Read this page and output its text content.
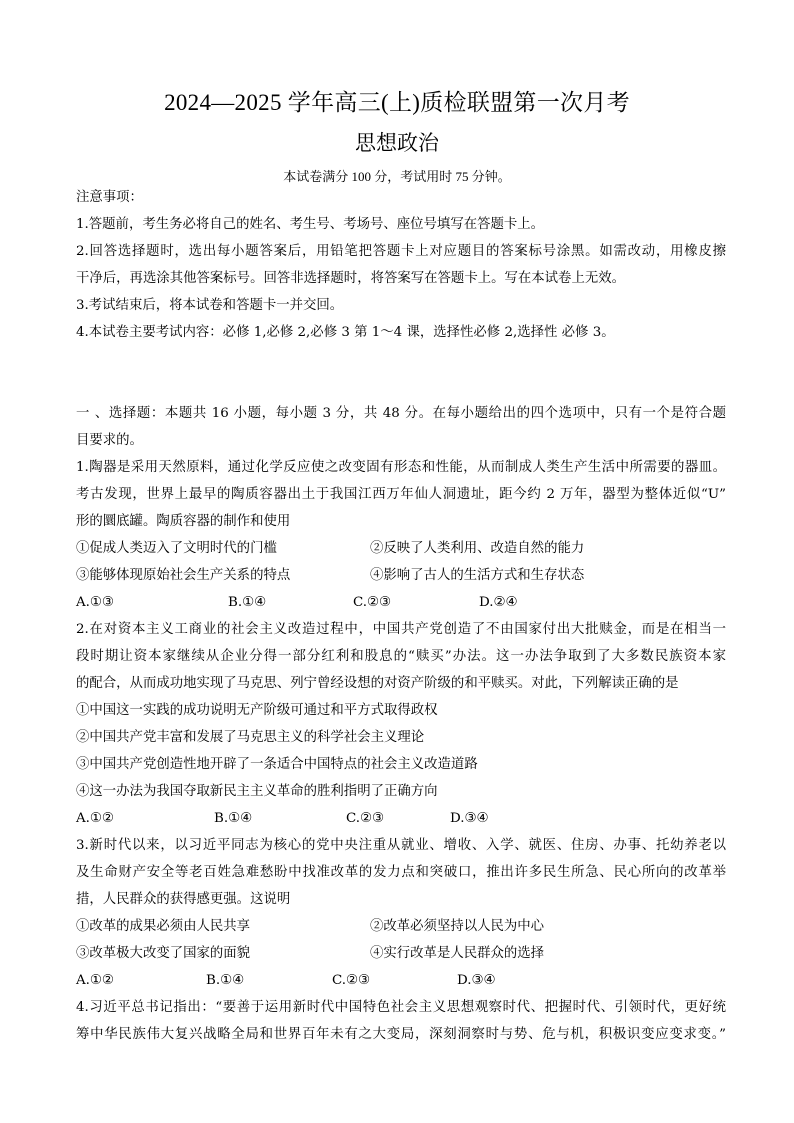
2024—2025 学年高三(上)质检联盟第一次月考
思想政治
本试卷满分 100 分，考试用时 75 分钟。
注意事项：
1.答题前，考生务必将自己的姓名、考生号、考场号、座位号填写在答题卡上。
2.回答选择题时，选出每小题答案后，用铅笔把答题卡上对应题目的答案标号涂黑。如需改动，用橡皮擦
干净后，再选涂其他答案标号。回答非选择题时，将答案写在答题卡上。写在本试卷上无效。
3.考试结束后，将本试卷和答题卡一并交回。
4.本试卷主要考试内容：必修 1,必修 2,必修 3 第 1～4 课，选择性必修 2,选择性 必修 3。
一 、选择题：本题共 16 小题，每小题 3 分，共 48 分。在每小题给出的四个选项中，只有一个是符合题
目要求的。
1.陶器是采用天然原料，通过化学反应使之改变固有形态和性能，从而制成人类生产生活中所需要的器皿。
考古发现，世界上最早的陶质容器出土于我国江西万年仙人洞遗址，距今约 2 万年，器型为整体近似“U”
形的圜底罐。陶质容器的制作和使用
①促成人类迈入了文明时代的门槛	②反映了人类利用、改造自然的能力
③能够体现原始社会生产关系的特点	④影响了古人的生活方式和生存状态
A.①③	B.①④	C.②③	D.②④
2.在对资本主义工商业的社会主义改造过程中，中国共产党创造了不由国家付出大批赎金，而是在相当一
段时期让资本家继续从企业分得一部分红利和股息的“赎买”办法。这一办法争取到了大多数民族资本家
的配合，从而成功地实现了马克思、列宁曾经设想的对资产阶级的和平赎买。对此，下列解读正确的是
①中国这一实践的成功说明无产阶级可通过和平方式取得政权
②中国共产党丰富和发展了马克思主义的科学社会主义理论
③中国共产党创造性地开辟了一条适合中国特点的社会主义改造道路
④这一办法为我国夺取新民主主义革命的胜利指明了正确方向
A.①②	B.①④	C.②③	D.③④
3.新时代以来，以习近平同志为核心的党中央注重从就业、增收、入学、就医、住房、办事、托幼养老以
及生命财产安全等老百姓急难愁盼中找准改革的发力点和突破口，推出许多民生所急、民心所向的改革举
措，人民群众的获得感更强。这说明
①改革的成果必须由人民共享	②改革必须坚持以人民为中心
③改革极大改变了国家的面貌	④实行改革是人民群众的选择
A.①②	B.①④	C.②③	D.③④
4.习近平总书记指出：“要善于运用新时代中国特色社会主义思想观察时代、把握时代、引领时代，更好统
筹中华民族伟大复兴战略全局和世界百年未有之大变局，深刻洞察时与势、危与机，积极识变应变求变。”
